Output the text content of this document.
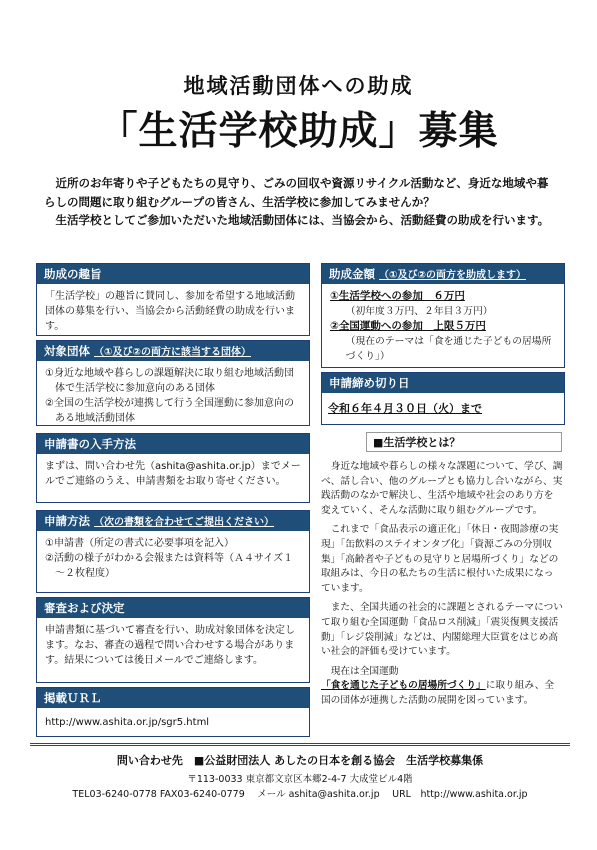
地域活動団体への助成
「生活学校助成」募集

近所のお年寄りや子どもたちの見守り、ごみの回収や資源リサイクル活動など、身近な地域や暮らしの問題に取り組むグループの皆さん、生活学校に参加してみませんか？

生活学校としてご参加いただいた地域活動団体には、当協会から、活動経費の助成を行います。

助成の趣旨

「生活学校」の趣旨に賛同し、参加を希望する地域活動団体の募集を行い、当協会から活動経費の助成を行います。

対象団体 （①及び②の両方に該当する団体）

①身近な地域や暮らしの課題解決に取り組む地域活動団体で生活学校に参加意向のある団体

②全国の生活学校が連携して行う全国運動に参加意向のある地域活動団体

申請書の入手方法

まずは、問い合わせ先（ashita@ashita.or.jp）までメールでご連絡のうえ、申請書類をお取り寄せください。

申請方法 （次の書類を合わせてご提出ください）

①申請書（所定の書式に必要事項を記入）

②活動の様子がわかる会報または資料等（Ａ４サイズ１～２枚程度）

審査および決定

申請書類に基づいて審査を行い、助成対象団体を決定します。なお、審査の過程で問い合わせする場合があります。結果については後日メールでご連絡します。

掲載ＵＲＬ
http://www.ashita.or.jp/sgr5.html
助成金額 （①及び②の両方を助成します）

①生活学校への参加　６万円

（初年度３万円、２年目３万円）

②全国運動への参加　上限５万円

（現在のテーマは「食を通じた子どもの居場所づくり」）

申請締め切り日
令和６年４月３０日（火）まで
■生活学校とは？

身近な地域や暮らしの様々な課題について、学び、調べ、話し合い、他のグループとも協力し合いながら、実践活動のなかで解決し、生活や地域や社会のあり方を変えていく、そんな活動に取り組むグループです。

これまで「食品表示の適正化」「休日・夜間診療の実現」「缶飲料のステイオンタブ化」「資源ごみの分別収集」「高齢者や子どもの見守りと居場所づくり」などの取組みは、今日の私たちの生活に根付いた成果になっています。

また、全国共通の社会的に課題とされるテーマについて取り組む全国運動「食品ロス削減」「震災復興支援活動」「レジ袋削減」などは、内閣総理大臣賞をはじめ高い社会的評価も受けています。

現在は全国運動「食を通じた子どもの居場所づくり」に取り組み、全国の団体が連携した活動の展開を図っています。

問い合わせ先　■公益財団法人 あしたの日本を創る協会　生活学校募集係
〒113-0033 東京都文京区本郷2-4-7 大成堂ビル4階
TEL03-6240-0778 FAX03-6240-0779　 メール ashita@ashita.or.jp　 URL　http://www.ashita.or.jp
